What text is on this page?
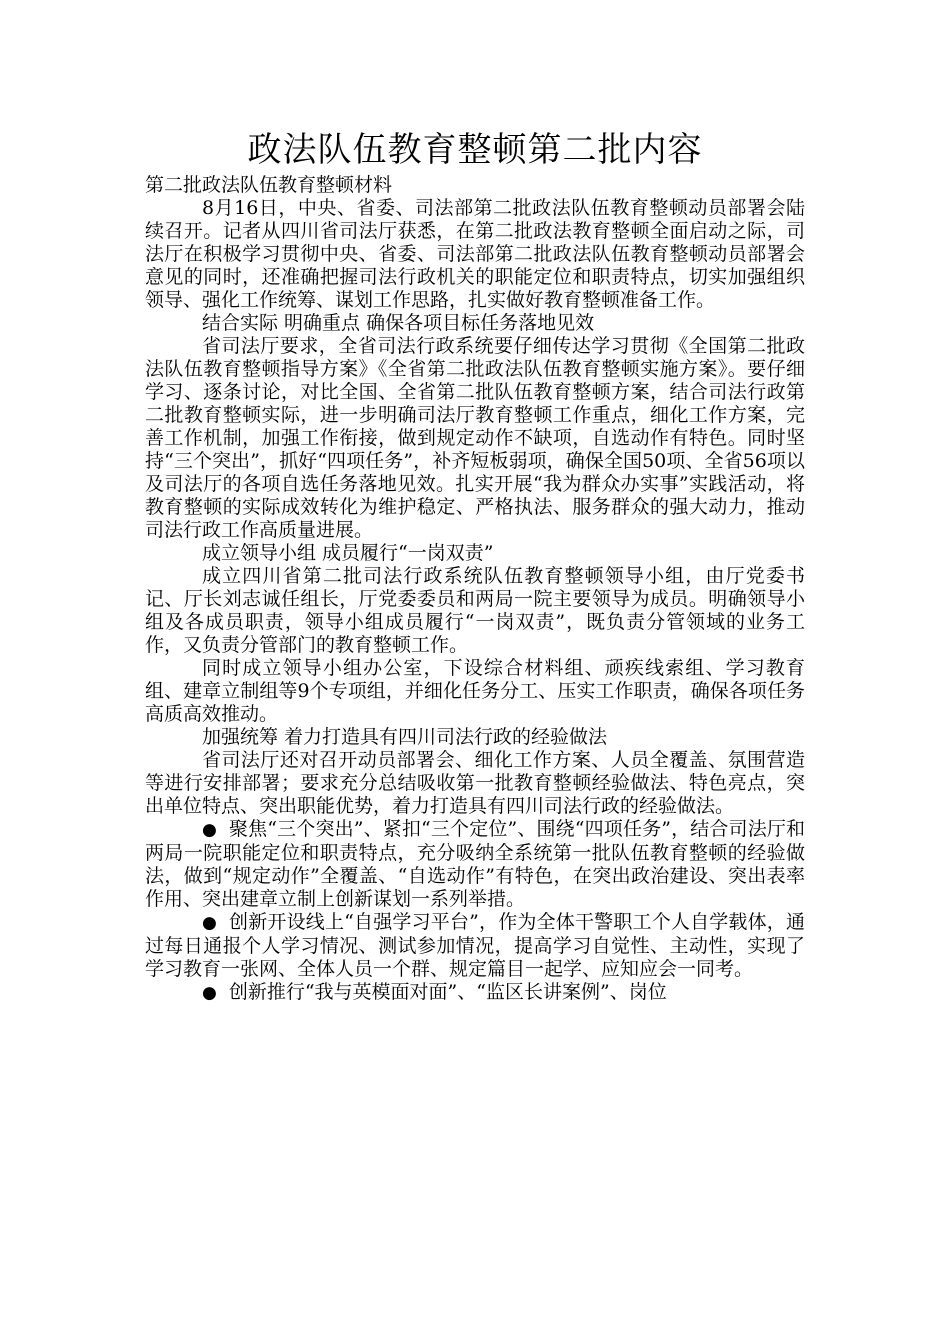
政法队伍教育整顿第二批内容

第二批政法队伍教育整顿材料

8月16日，中央、省委、司法部第二批政法队伍教育整顿动员部署会陆续召开。记者从四川省司法厅获悉，在第二批政法教育整顿全面启动之际，司法厅在积极学习贯彻中央、省委、司法部第二批政法队伍教育整顿动员部署会意见的同时，还准确把握司法行政机关的职能定位和职责特点，切实加强组织领导、强化工作统筹、谋划工作思路，扎实做好教育整顿准备工作。

结合实际 明确重点 确保各项目标任务落地见效

省司法厅要求，全省司法行政系统要仔细传达学习贯彻《全国第二批政法队伍教育整顿指导方案》《全省第二批政法队伍教育整顿实施方案》。要仔细学习、逐条讨论，对比全国、全省第二批队伍教育整顿方案，结合司法行政第二批教育整顿实际，进一步明确司法厅教育整顿工作重点，细化工作方案，完善工作机制，加强工作衔接，做到规定动作不缺项，自选动作有特色。同时坚持“三个突出”，抓好“四项任务”，补齐短板弱项，确保全国50项、全省56项以及司法厅的各项自选任务落地见效。扎实开展“我为群众办实事”实践活动，将教育整顿的实际成效转化为维护稳定、严格执法、服务群众的强大动力，推动司法行政工作高质量进展。

成立领导小组 成员履行“一岗双责”

成立四川省第二批司法行政系统队伍教育整顿领导小组，由厅党委书记、厅长刘志诚任组长，厅党委委员和两局一院主要领导为成员。明确领导小组及各成员职责，领导小组成员履行“一岗双责”，既负责分管领域的业务工作，又负责分管部门的教育整顿工作。

同时成立领导小组办公室，下设综合材料组、顽疾线索组、学习教育组、建章立制组等9个专项组，并细化任务分工、压实工作职责，确保各项任务高质高效推动。

加强统筹 着力打造具有四川司法行政的经验做法

省司法厅还对召开动员部署会、细化工作方案、人员全覆盖、氛围营造等进行安排部署；要求充分总结吸收第一批教育整顿经验做法、特色亮点，突出单位特点、突出职能优势，着力打造具有四川司法行政的经验做法。

● 聚焦“三个突出”、紧扣“三个定位”、围绕“四项任务”，结合司法厅和两局一院职能定位和职责特点，充分吸纳全系统第一批队伍教育整顿的经验做法，做到“规定动作”全覆盖、“自选动作”有特色，在突出政治建设、突出表率作用、突出建章立制上创新谋划一系列举措。

● 创新开设线上“自强学习平台”，作为全体干警职工个人自学载体，通过每日通报个人学习情况、测试参加情况，提高学习自觉性、主动性，实现了学习教育一张网、全体人员一个群、规定篇目一起学、应知应会一同考。

● 创新推行“我与英模面对面”、“监区长讲案例”、岗位
